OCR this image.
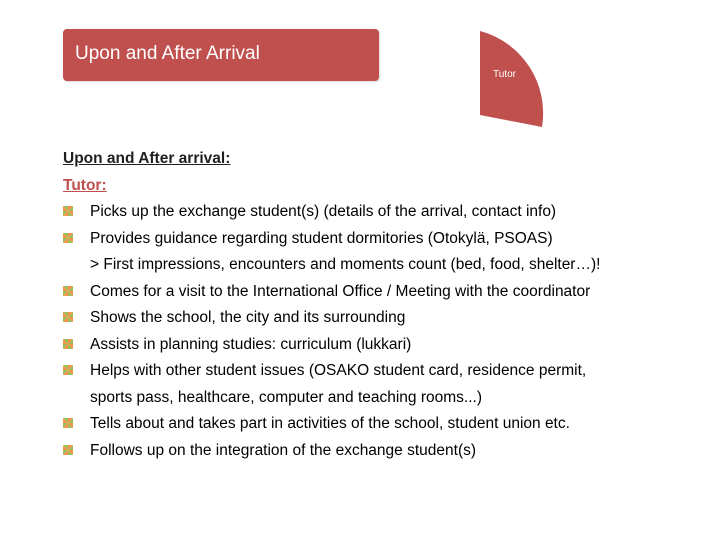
Upon and After Arrival
Tutor
Upon and After arrival:
Tutor:
Picks up the exchange student(s) (details of the arrival, contact info)
Provides guidance regarding student dormitories (Otokylä, PSOAS)
> First impressions, encounters and moments count (bed, food, shelter…)!
Comes for a visit to the International Office / Meeting with the coordinator
Shows the school, the city and its surrounding
Assists in planning studies: curriculum (lukkari)
Helps with other student issues (OSAKO student card, residence permit,
sports pass, healthcare, computer and teaching rooms...)
Tells about and takes part in activities of the school, student union etc.
Follows up on the integration of the exchange student(s)
